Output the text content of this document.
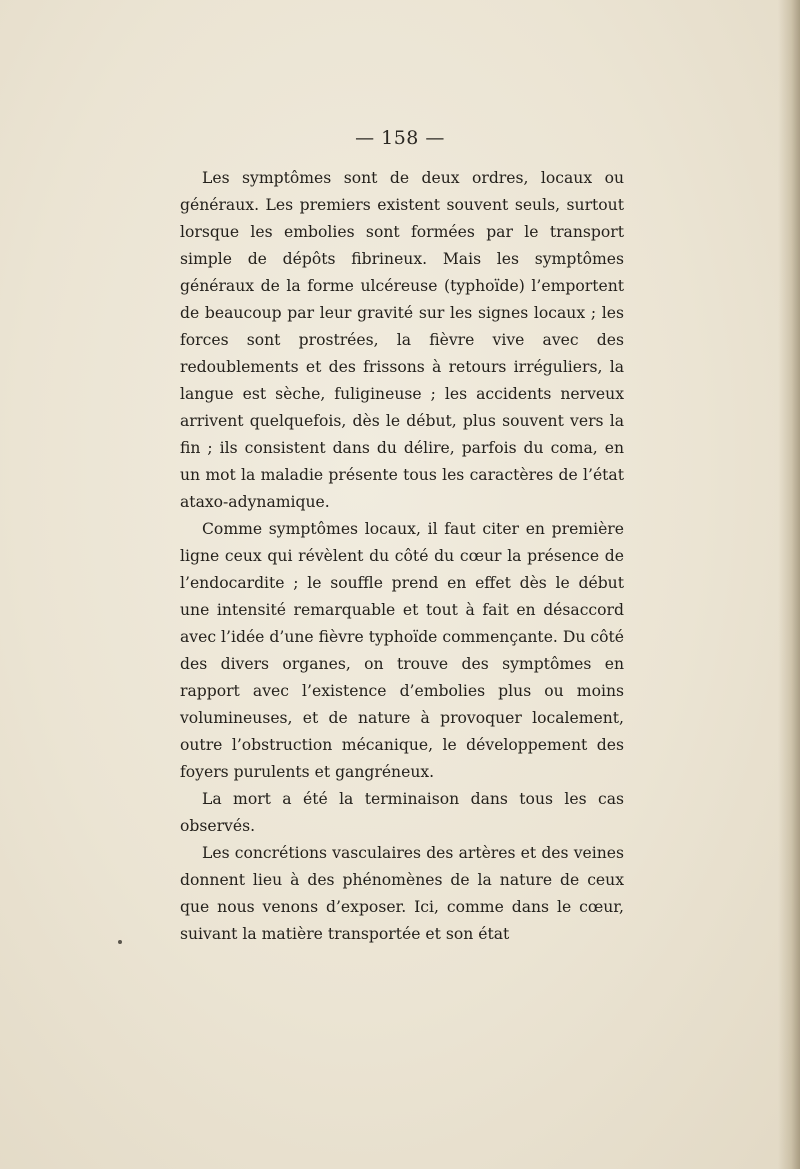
— 158 —

Les symptômes sont de deux ordres, locaux ou généraux. Les premiers existent souvent seuls, surtout lorsque les embolies sont formées par le transport simple de dépôts fibrineux. Mais les symptômes généraux de la forme ulcéreuse (typhoïde) l’emportent de beaucoup par leur gravité sur les signes locaux ; les forces sont prostrées, la fièvre vive avec des redoublements et des frissons à retours irréguliers, la langue est sèche, fuligineuse ; les accidents nerveux arrivent quelquefois, dès le début, plus souvent vers la fin ; ils consistent dans du délire, parfois du coma, en un mot la maladie présente tous les caractères de l’état ataxo-adynamique.

Comme symptômes locaux, il faut citer en première ligne ceux qui révèlent du côté du cœur la présence de l’endocardite ; le souffle prend en effet dès le début une intensité remarquable et tout à fait en désaccord avec l’idée d’une fièvre typhoïde commençante. Du côté des divers organes, on trouve des symptômes en rapport avec l’existence d’embolies plus ou moins volumineuses, et de nature à provoquer localement, outre l’obstruction mécanique, le développement des foyers purulents et gangréneux.

La mort a été la terminaison dans tous les cas observés.

Les concrétions vasculaires des artères et des veines donnent lieu à des phénomènes de la nature de ceux que nous venons d’exposer. Ici, comme dans le cœur, suivant la matière transportée et son état
